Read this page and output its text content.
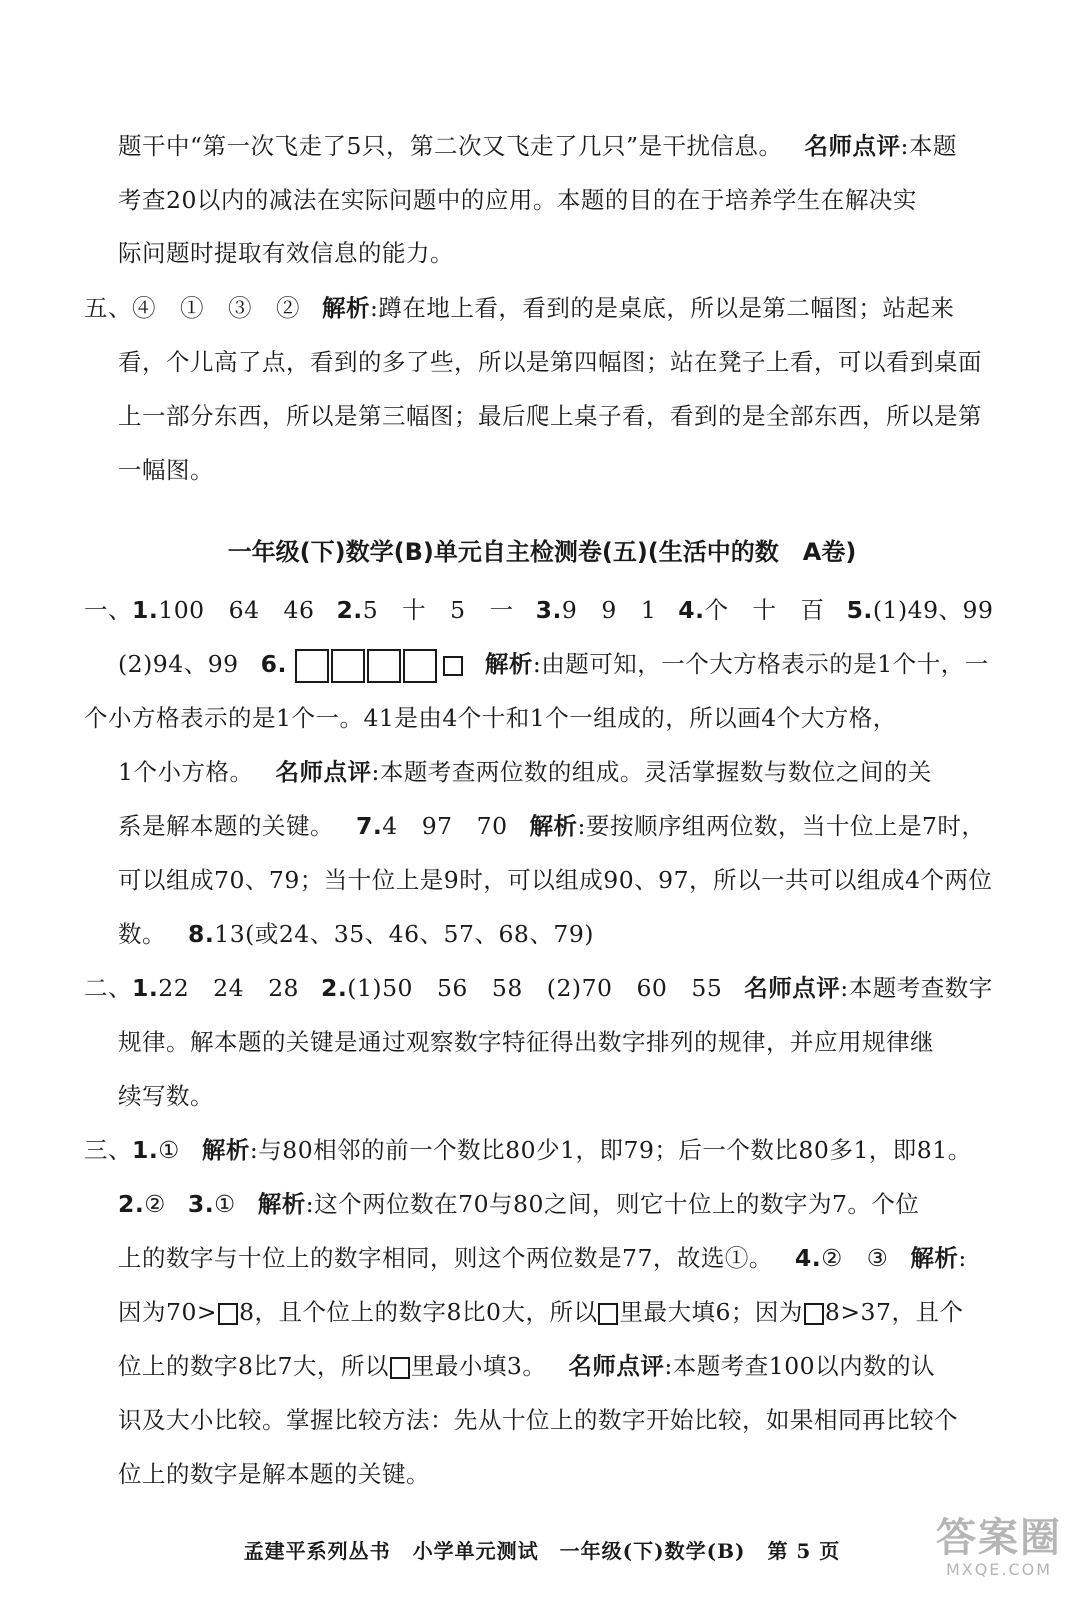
题干中“第一次飞走了5只，第二次又飞走了几只”是干扰信息。 名师点评:本题
考查20以内的减法在实际问题中的应用。本题的目的在于培养学生在解决实
际问题时提取有效信息的能力。
五、④　①　③　② 解析:蹲在地上看，看到的是桌底，所以是第二幅图；站起来
看，个儿高了点，看到的多了些，所以是第四幅图；站在凳子上看，可以看到桌面
上一部分东西，所以是第三幅图；最后爬上桌子看，看到的是全部东西，所以是第
一幅图。
一年级(下)数学(B)单元自主检测卷(五)(生活中的数　A卷)
一、1.100　64　46 2.5　十　5　一 3.9　9　1 4.个　十　百 5.(1)49、99
(2)94、99 6.	解析:由题可知，一个大方格表示的是1个十，一
个小方格表示的是1个一。41是由4个十和1个一组成的，所以画4个大方格，
1个小方格。 名师点评:本题考查两位数的组成。灵活掌握数与数位之间的关
系是解本题的关键。 7.4　97　70 解析:要按顺序组两位数，当十位上是7时，
可以组成70、79；当十位上是9时，可以组成90、97，所以一共可以组成4个两位
数。 8.13(或24、35、46、57、68、79)
二、1.22　24　28 2.(1)50　56　58　(2)70　60　55 名师点评:本题考查数字
规律。解本题的关键是通过观察数字特征得出数字排列的规律，并应用规律继
续写数。
三、1.① 解析:与80相邻的前一个数比80少1，即79；后一个数比80多1，即81。
2.② 3.① 解析:这个两位数在70与80之间，则它十位上的数字为7。个位
上的数字与十位上的数字相同，则这个两位数是77，故选①。 4.②　③ 解析:
因为70> 8，且个位上的数字8比0大，所以 里最大填6；因为 8>37，且个
位上的数字8比7大，所以 里最小填3。 名师点评:本题考查100以内数的认
识及大小比较。掌握比较方法：先从十位上的数字开始比较，如果相同再比较个
位上的数字是解本题的关键。
孟建平系列丛书 小学单元测试　一年级(下)数学(B) 第 5 页	答案圈
MXQE.COM
